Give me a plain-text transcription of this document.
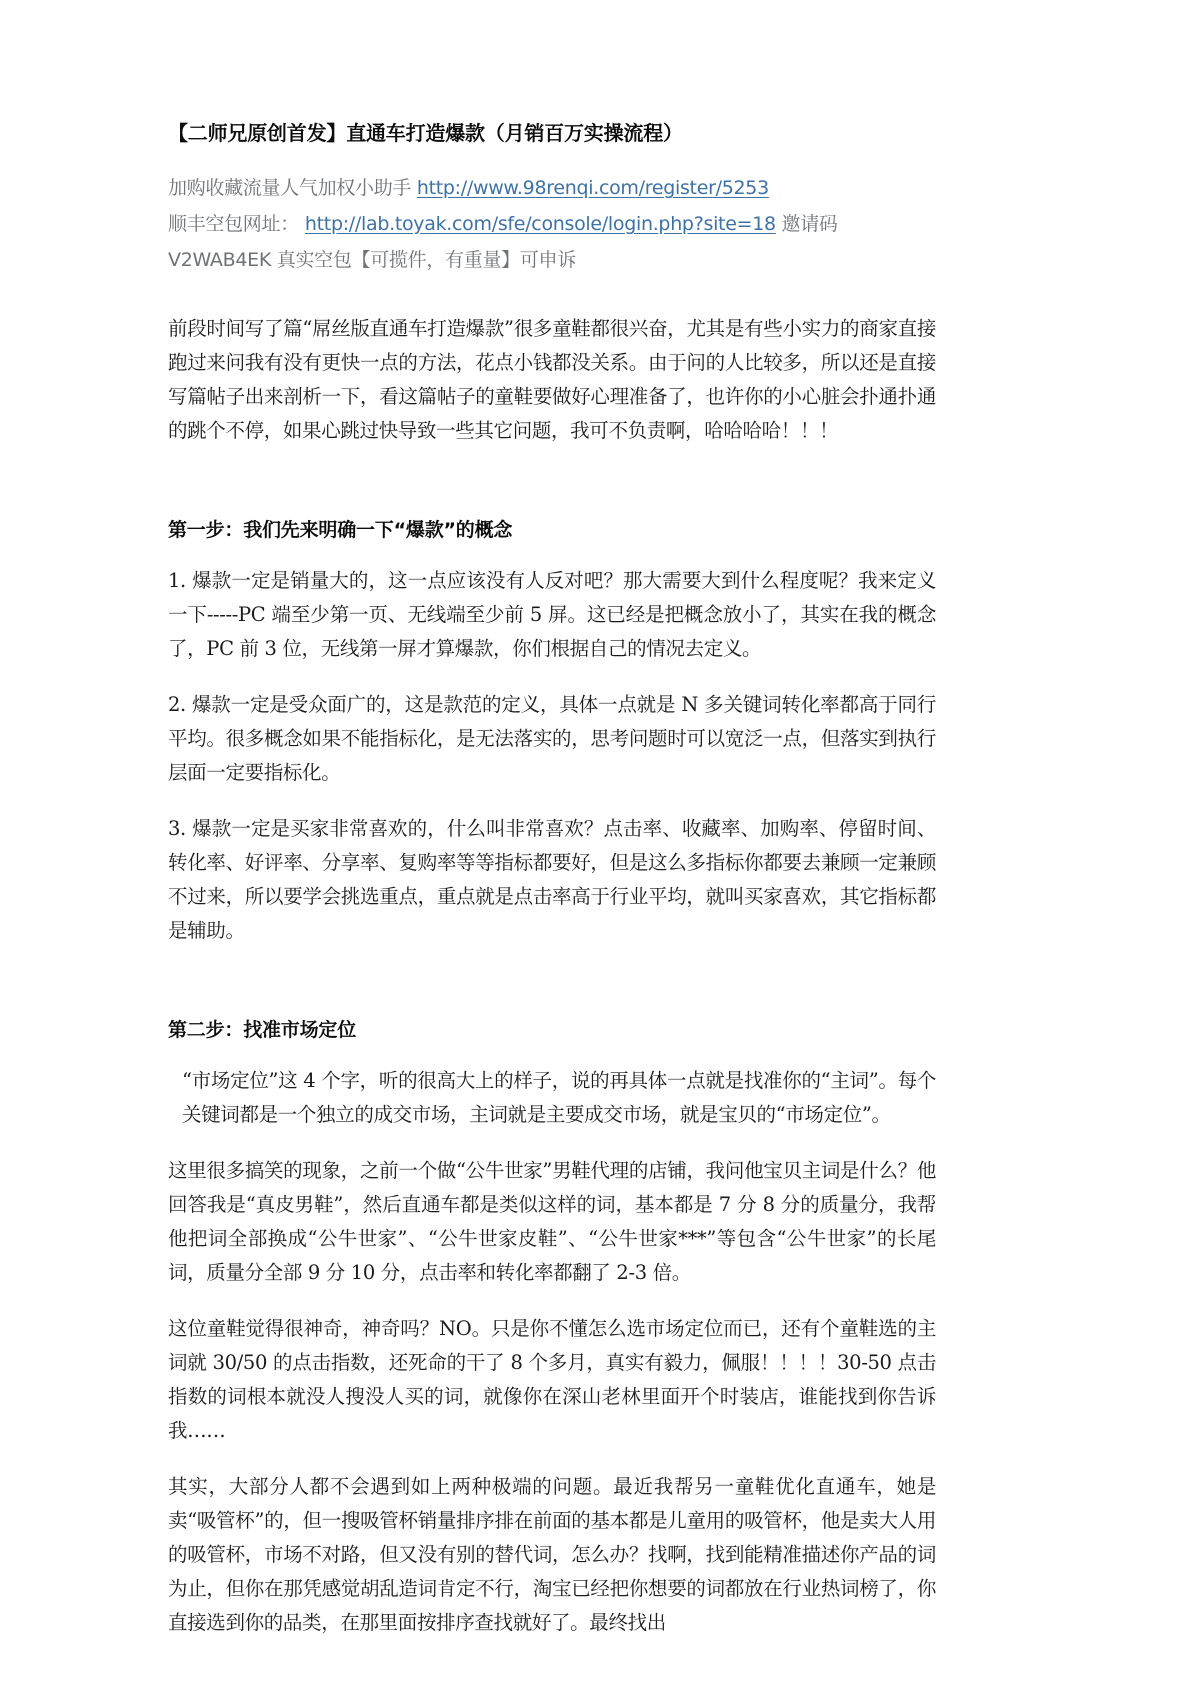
【二师兄原创首发】直通车打造爆款（月销百万实操流程）
加购收藏流量人气加权小助手 http://www.98renqi.com/register/5253
顺丰空包网址： http://lab.toyak.com/sfe/console/login.php?site=18 邀请码
V2WAB4EK 真实空包【可揽件，有重量】可申诉

前段时间写了篇“屌丝版直通车打造爆款”很多童鞋都很兴奋，尤其是有些小实力的商家直接跑过来问我有没有更快一点的方法，花点小钱都没关系。由于问的人比较多，所以还是直接写篇帖子出来剖析一下，看这篇帖子的童鞋要做好心理准备了，也许你的小心脏会扑通扑通的跳个不停，如果心跳过快导致一些其它问题，我可不负责啊，哈哈哈哈！！！

第一步：我们先来明确一下“爆款”的概念

1. 爆款一定是销量大的，这一点应该没有人反对吧？那大需要大到什么程度呢？我来定义一下-----PC 端至少第一页、无线端至少前 5 屏。这已经是把概念放小了，其实在我的概念了，PC 前 3 位，无线第一屏才算爆款，你们根据自己的情况去定义。

2. 爆款一定是受众面广的，这是款范的定义，具体一点就是 N 多关键词转化率都高于同行平均。很多概念如果不能指标化，是无法落实的，思考问题时可以宽泛一点，但落实到执行层面一定要指标化。

3. 爆款一定是买家非常喜欢的，什么叫非常喜欢？点击率、收藏率、加购率、停留时间、转化率、好评率、分享率、复购率等等指标都要好，但是这么多指标你都要去兼顾一定兼顾不过来，所以要学会挑选重点，重点就是点击率高于行业平均，就叫买家喜欢，其它指标都是辅助。

第二步：找准市场定位

“市场定位”这 4 个字，听的很高大上的样子，说的再具体一点就是找准你的“主词”。每个关键词都是一个独立的成交市场，主词就是主要成交市场，就是宝贝的“市场定位”。

这里很多搞笑的现象，之前一个做“公牛世家”男鞋代理的店铺，我问他宝贝主词是什么？他回答我是“真皮男鞋”，然后直通车都是类似这样的词，基本都是 7 分 8 分的质量分，我帮他把词全部换成“公牛世家”、“公牛世家皮鞋”、“公牛世家***”等包含“公牛世家”的长尾词，质量分全部 9 分 10 分，点击率和转化率都翻了 2-3 倍。

这位童鞋觉得很神奇，神奇吗？NO。只是你不懂怎么选市场定位而已，还有个童鞋选的主词就 30/50 的点击指数，还死命的干了 8 个多月，真实有毅力，佩服！！！！30-50 点击指数的词根本就没人搜没人买的词，就像你在深山老林里面开个时装店，谁能找到你告诉我……

其实，大部分人都不会遇到如上两种极端的问题。最近我帮另一童鞋优化直通车，她是卖“吸管杯”的，但一搜吸管杯销量排序排在前面的基本都是儿童用的吸管杯，他是卖大人用的吸管杯，市场不对路，但又没有别的替代词，怎么办？找啊，找到能精准描述你产品的词为止，但你在那凭感觉胡乱造词肯定不行，淘宝已经把你想要的词都放在行业热词榜了，你直接选到你的品类，在那里面按排序查找就好了。最终找出
